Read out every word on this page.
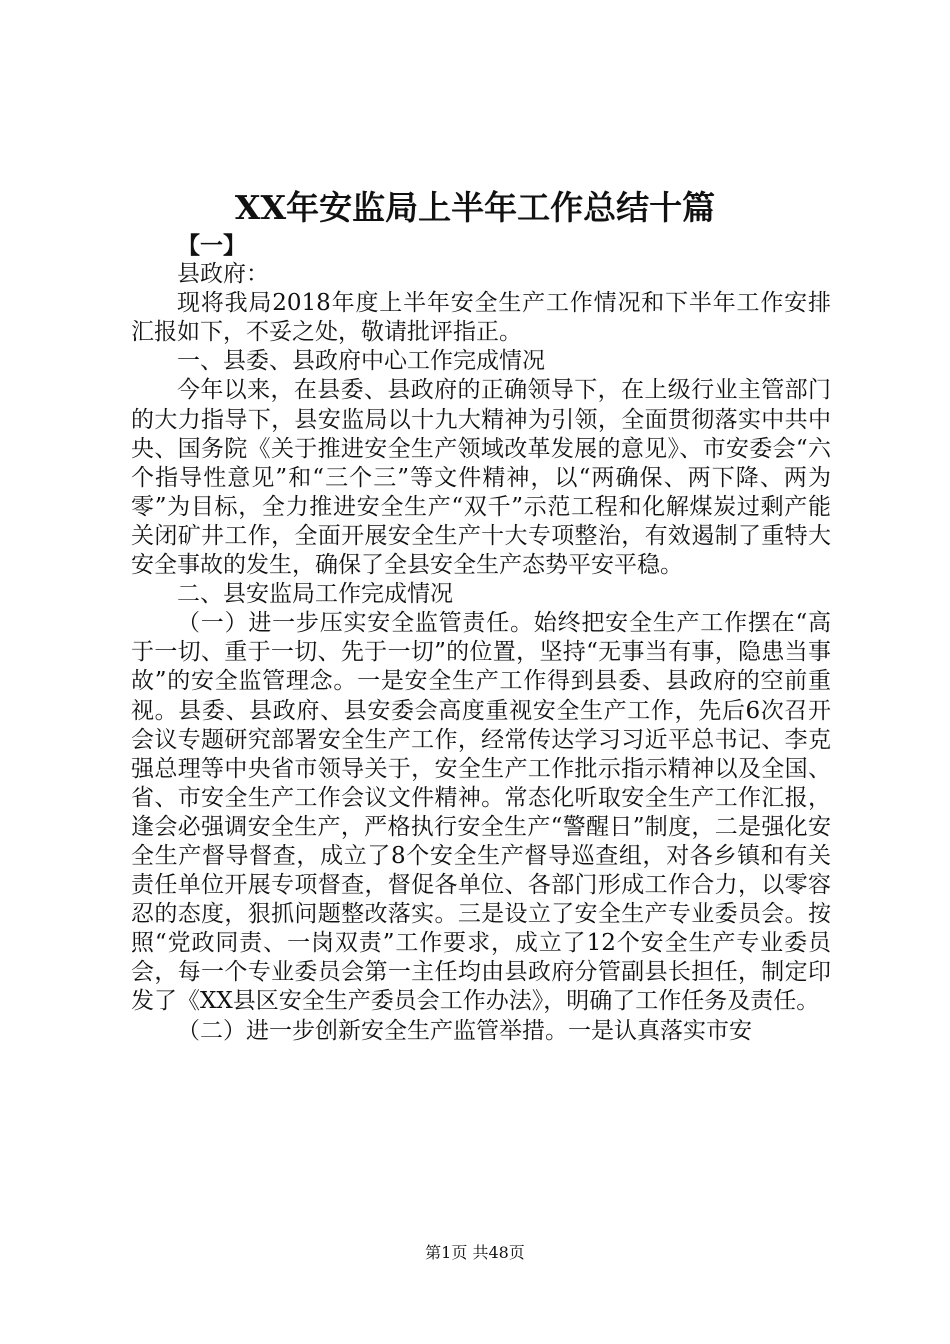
XX年安监局上半年工作总结十篇

【一】

县政府：

现将我局2018年度上半年安全生产工作情况和下半年工作安排汇报如下，不妥之处，敬请批评指正。

一、县委、县政府中心工作完成情况

今年以来，在县委、县政府的正确领导下，在上级行业主管部门的大力指导下，县安监局以十九大精神为引领，全面贯彻落实中共中央、国务院《关于推进安全生产领域改革发展的意见》、市安委会“六个指导性意见”和“三个三”等文件精神，以“两确保、两下降、两为零”为目标，全力推进安全生产“双千”示范工程和化解煤炭过剩产能关闭矿井工作，全面开展安全生产十大专项整治，有效遏制了重特大安全事故的发生，确保了全县安全生产态势平安平稳。

二、县安监局工作完成情况

（一）进一步压实安全监管责任。始终把安全生产工作摆在“高于一切、重于一切、先于一切”的位置，坚持“无事当有事，隐患当事故”的安全监管理念。一是安全生产工作得到县委、县政府的空前重视。县委、县政府、县安委会高度重视安全生产工作，先后6次召开会议专题研究部署安全生产工作，经常传达学习习近平总书记、李克强总理等中央省市领导关于，安全生产工作批示指示精神以及全国、省、市安全生产工作会议文件精神。常态化听取安全生产工作汇报，逢会必强调安全生产，严格执行安全生产“警醒日”制度，二是强化安全生产督导督查，成立了8个安全生产督导巡查组，对各乡镇和有关责任单位开展专项督查，督促各单位、各部门形成工作合力，以零容忍的态度，狠抓问题整改落实。三是设立了安全生产专业委员会。按照“党政同责、一岗双责”工作要求，成立了12个安全生产专业委员会，每一个专业委员会第一主任均由县政府分管副县长担任，制定印发了《XX县区安全生产委员会工作办法》，明确了工作任务及责任。

（二）进一步创新安全生产监管举措。一是认真落实市安

第1页 共48页
